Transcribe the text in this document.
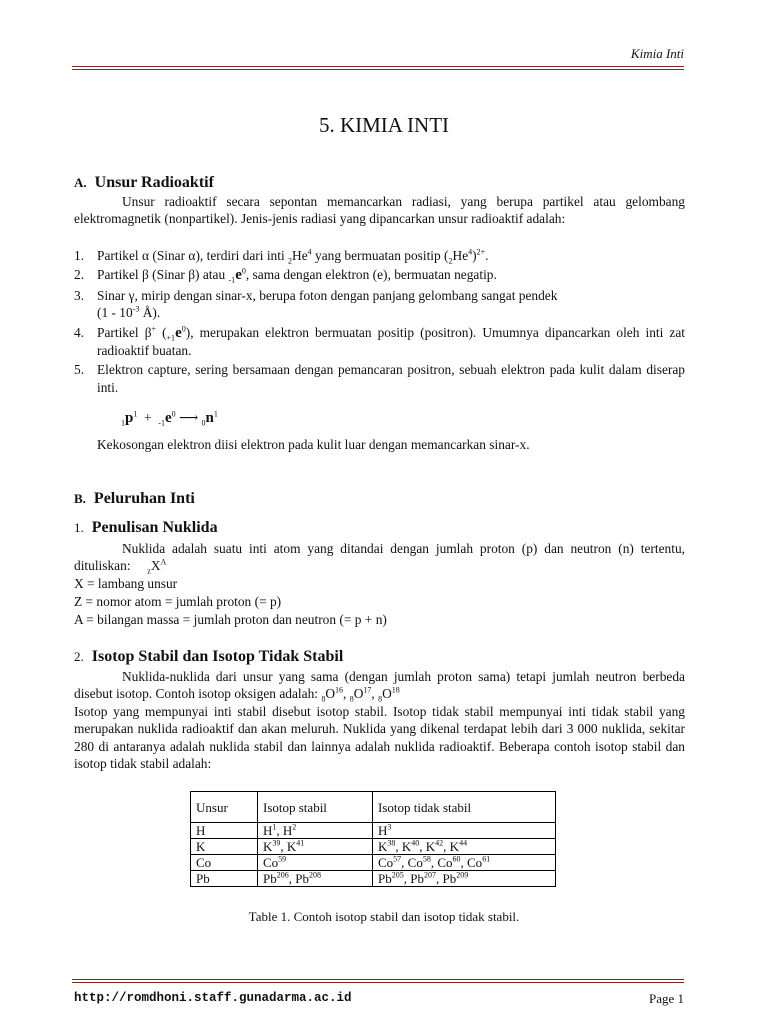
Kimia Inti
5. KIMIA INTI
A. Unsur Radioaktif
Unsur radioaktif secara sepontan memancarkan radiasi, yang berupa partikel atau gelombang elektromagnetik (nonpartikel). Jenis-jenis radiasi yang dipancarkan unsur radioaktif adalah:
1. Partikel α (Sinar α), terdiri dari inti $_2He^4$ yang bermuatan positip $(_2He^4)^{2+}$.
2. Partikel β (Sinar β) atau $_{-1}e^0$, sama dengan elektron (e), bermuatan negatip.
3. Sinar γ, mirip dengan sinar-x, berupa foton dengan panjang gelombang sangat pendek
($1 - 10^{-3}$ Å).
4. Partikel β+ $(_{+1}e^0)$, merupakan elektron bermuatan positip (positron). Umumnya dipancarkan oleh inti zat radioaktif buatan.
5. Elektron capture, sering bersamaan dengan pemancaran positron, sebuah elektron pada kulit dalam diserap inti.
$_1p^1 + _{-1}e^0$ ⟶ $_0n^1$
Kekosongan elektron diisi elektron pada kulit luar dengan memancarkan sinar-x.
B. Peluruhan Inti
1. Penulisan Nuklida
Nuklida adalah suatu inti atom yang ditandai dengan jumlah proton (p) dan neutron (n) tertentu, dituliskan: $_zX^A$
X = lambang unsur
Z = nomor atom = jumlah proton (= p)
A = bilangan massa = jumlah proton dan neutron (= p + n)
2. Isotop Stabil dan Isotop Tidak Stabil
Nuklida-nuklida dari unsur yang sama (dengan jumlah proton sama) tetapi jumlah neutron berbeda disebut isotop. Contoh isotop oksigen adalah: $_8O^{16}$, $_8O^{17}$, $_8O^{18}$
Isotop yang mempunyai inti stabil disebut isotop stabil. Isotop tidak stabil mempunyai inti tidak stabil yang merupakan nuklida radioaktif dan akan meluruh. Nuklida yang dikenal terdapat lebih dari 3 000 nuklida, sekitar 280 di antaranya adalah nuklida stabil dan lainnya adalah nuklida radioaktif. Beberapa contoh isotop stabil dan isotop tidak stabil adalah:
Unsur	Isotop stabil	Isotop tidak stabil
H	$H^1$, $H^2$	$H^3$
K	$K^{39}$, $K^{41}$	$K^{38}$, $K^{40}$, $K^{42}$, $K^{44}$
Co	Co$^{59}$	Co$^{57}$, Co$^{58}$, Co$^{60}$, Co$^{61}$
Pb	Pb$^{206}$, Pb$^{208}$	Pb$^{205}$, Pb$^{207}$, Pb$^{209}$
Table 1. Contoh isotop stabil dan isotop tidak stabil.
http://romdhoni.staff.gunadarma.ac.id	Page 1
